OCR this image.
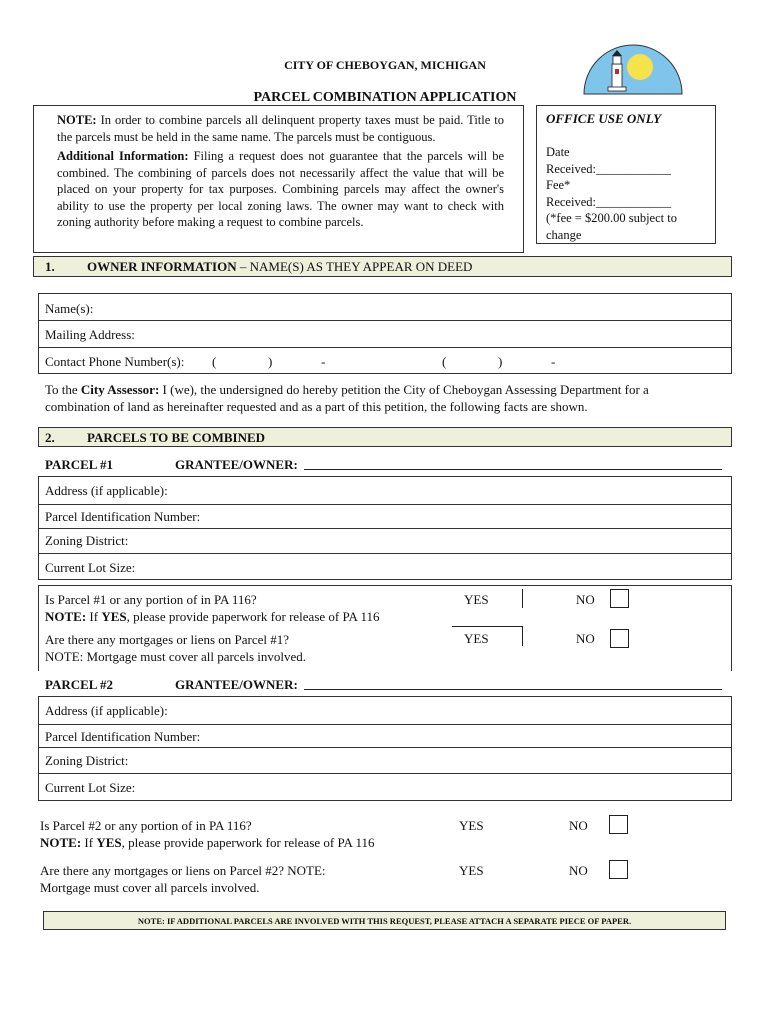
CITY OF CHEBOYGAN, MICHIGAN
PARCEL COMBINATION APPLICATION
NOTE: In order to combine parcels all delinquent property taxes must be paid. Title to the parcels must be held in the same name. The parcels must be contiguous.
Additional Information: Filing a request does not guarantee that the parcels will be combined. The combining of parcels does not necessarily affect the value that will be placed on your property for tax purposes. Combining parcels may affect the owner's ability to use the property per local zoning laws. The owner may want to check with zoning authority before making a request to combine parcels.
OFFICE USE ONLY
Date
Received:____________
Fee*
Received:____________
(*fee = $200.00 subject to change
1. OWNER INFORMATION – NAME(S) AS THEY APPEAR ON DEED
Name(s):
Mailing Address:
Contact Phone Number(s): (	)	-	(	)	-
To the City Assessor: I (we), the undersigned do hereby petition the City of Cheboygan Assessing Department for a combination of land as hereinafter requested and as a part of this petition, the following facts are shown.
2. PARCELS TO BE COMBINED
PARCEL #1	GRANTEE/OWNER:
Address (if applicable):
Parcel Identification Number:
Zoning District:
Current Lot Size:
Is Parcel #1 or any portion of in PA 116?
NOTE: If YES, please provide paperwork for release of PA 116
YES	NO
Are there any mortgages or liens on Parcel #1?
NOTE: Mortgage must cover all parcels involved.
YES	NO
PARCEL #2	GRANTEE/OWNER:
Address (if applicable):
Parcel Identification Number:
Zoning District:
Current Lot Size:
Is Parcel #2 or any portion of in PA 116?
NOTE: If YES, please provide paperwork for release of PA 116
YES	NO
Are there any mortgages or liens on Parcel #2? NOTE:
Mortgage must cover all parcels involved.
YES	NO
NOTE: IF ADDITIONAL PARCELS ARE INVOLVED WITH THIS REQUEST, PLEASE ATTACH A SEPARATE PIECE OF PAPER.
